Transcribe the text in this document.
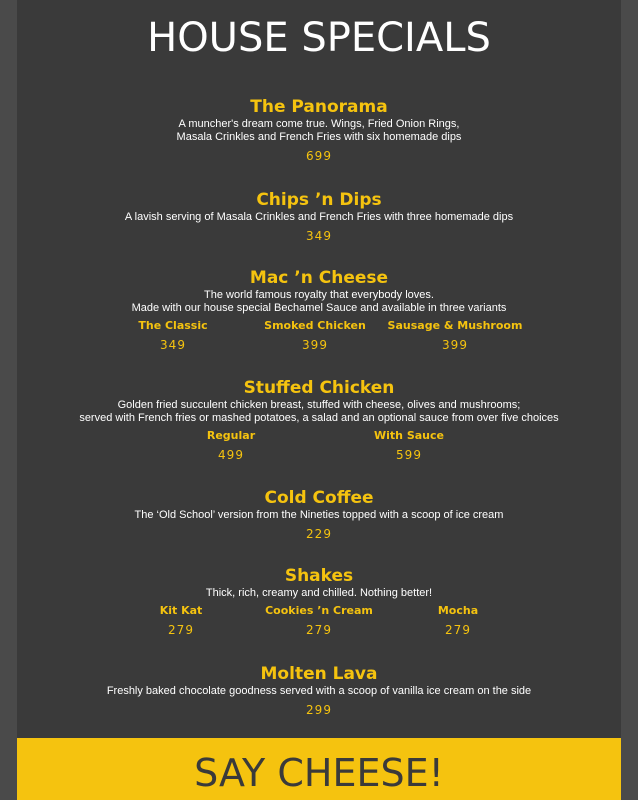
HOUSE SPECIALS
The Panorama
A muncher's dream come true. Wings, Fried Onion Rings,
Masala Crinkles and French Fries with six homemade dips
699
Chips ’n Dips
A lavish serving of Masala Crinkles and French Fries with three homemade dips
349
Mac ’n Cheese
The world famous royalty that everybody loves.
Made with our house special Bechamel Sauce and available in three variants
The Classic
349
Smoked Chicken
399
Sausage & Mushroom
399
Stuffed Chicken
Golden fried succulent chicken breast, stuffed with cheese, olives and mushrooms;
served with French fries or mashed potatoes, a salad and an optional sauce from over five choices
Regular
499
With Sauce
599
Cold Coffee
The ‘Old School’ version from the Nineties topped with a scoop of ice cream
229
Shakes
Thick, rich, creamy and chilled. Nothing better!
Kit Kat
279
Cookies ’n Cream
279
Mocha
279
Molten Lava
Freshly baked chocolate goodness served with a scoop of vanilla ice cream on the side
299
SAY CHEESE!
